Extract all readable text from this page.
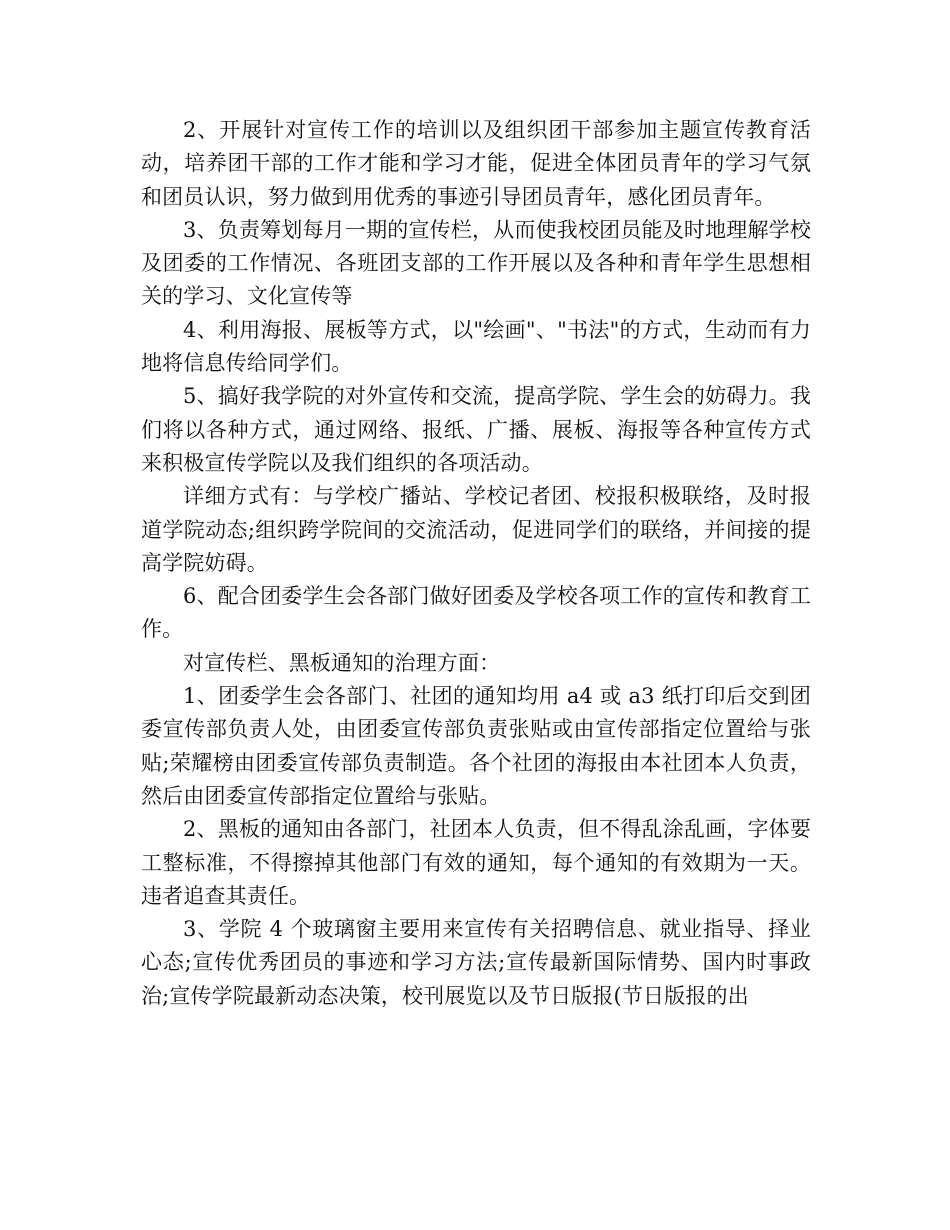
2、开展针对宣传工作的培训以及组织团干部参加主题宣传教育活动，培养团干部的工作才能和学习才能，促进全体团员青年的学习气氛和团员认识，努力做到用优秀的事迹引导团员青年，感化团员青年。

3、负责筹划每月一期的宣传栏，从而使我校团员能及时地理解学校及团委的工作情况、各班团支部的工作开展以及各种和青年学生思想相关的学习、文化宣传等

4、利用海报、展板等方式，以"绘画"、"书法"的方式，生动而有力地将信息传给同学们。

5、搞好我学院的对外宣传和交流，提高学院、学生会的妨碍力。我们将以各种方式，通过网络、报纸、广播、展板、海报等各种宣传方式来积极宣传学院以及我们组织的各项活动。

详细方式有：与学校广播站、学校记者团、校报积极联络，及时报道学院动态;组织跨学院间的交流活动，促进同学们的联络，并间接的提高学院妨碍。

6、配合团委学生会各部门做好团委及学校各项工作的宣传和教育工作。

对宣传栏、黑板通知的治理方面：

1、团委学生会各部门、社团的通知均用 a4 或 a3 纸打印后交到团委宣传部负责人处，由团委宣传部负责张贴或由宣传部指定位置给与张贴;荣耀榜由团委宣传部负责制造。各个社团的海报由本社团本人负责，然后由团委宣传部指定位置给与张贴。

2、黑板的通知由各部门，社团本人负责，但不得乱涂乱画，字体要工整标准，不得擦掉其他部门有效的通知，每个通知的有效期为一天。违者追查其责任。

3、学院 4 个玻璃窗主要用来宣传有关招聘信息、就业指导、择业心态;宣传优秀团员的事迹和学习方法;宣传最新国际情势、国内时事政治;宣传学院最新动态决策，校刊展览以及节日版报(节日版报的出
